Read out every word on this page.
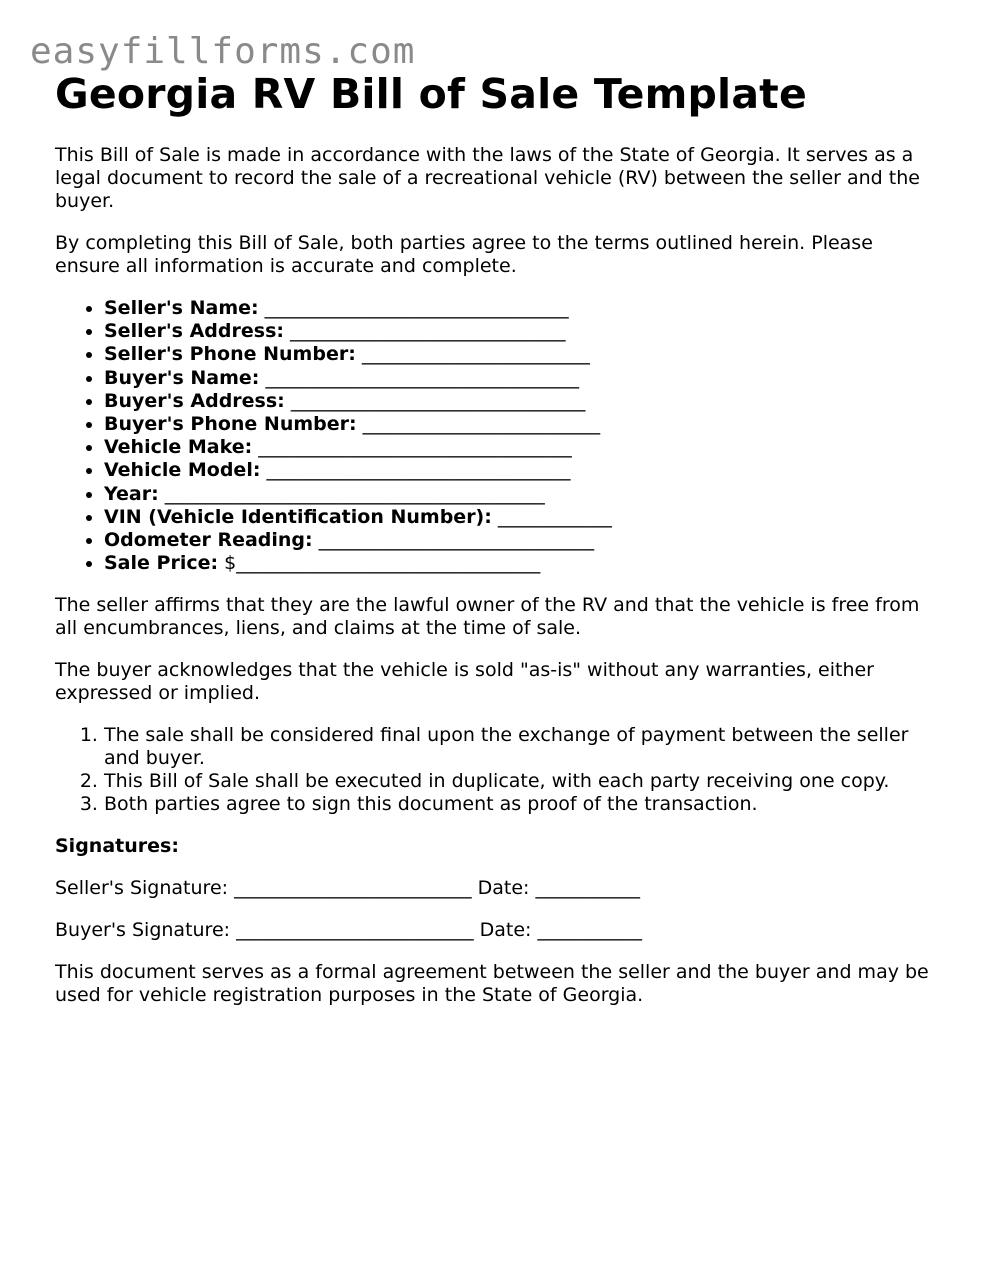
easyfillforms.com
Georgia RV Bill of Sale Template

This Bill of Sale is made in accordance with the laws of the State of Georgia. It serves as a legal document to record the sale of a recreational vehicle (RV) between the seller and the buyer.

By completing this Bill of Sale, both parties agree to the terms outlined herein. Please ensure all information is accurate and complete.

• Seller's Name: ________________________________
• Seller's Address: _____________________________
• Seller's Phone Number: ________________________
• Buyer's Name: _________________________________
• Buyer's Address: _______________________________
• Buyer's Phone Number: _________________________
• Vehicle Make: _________________________________
• Vehicle Model: ________________________________
• Year: ________________________________________
• VIN (Vehicle Identification Number): ____________
• Odometer Reading: _____________________________
• Sale Price: $________________________________

The seller affirms that they are the lawful owner of the RV and that the vehicle is free from all encumbrances, liens, and claims at the time of sale.

The buyer acknowledges that the vehicle is sold "as-is" without any warranties, either expressed or implied.

1. The sale shall be considered final upon the exchange of payment between the seller and buyer.
2. This Bill of Sale shall be executed in duplicate, with each party receiving one copy.
3. Both parties agree to sign this document as proof of the transaction.

Signatures:

Seller's Signature: _________________________ Date: ___________

Buyer's Signature: _________________________ Date: ___________

This document serves as a formal agreement between the seller and the buyer and may be used for vehicle registration purposes in the State of Georgia.
